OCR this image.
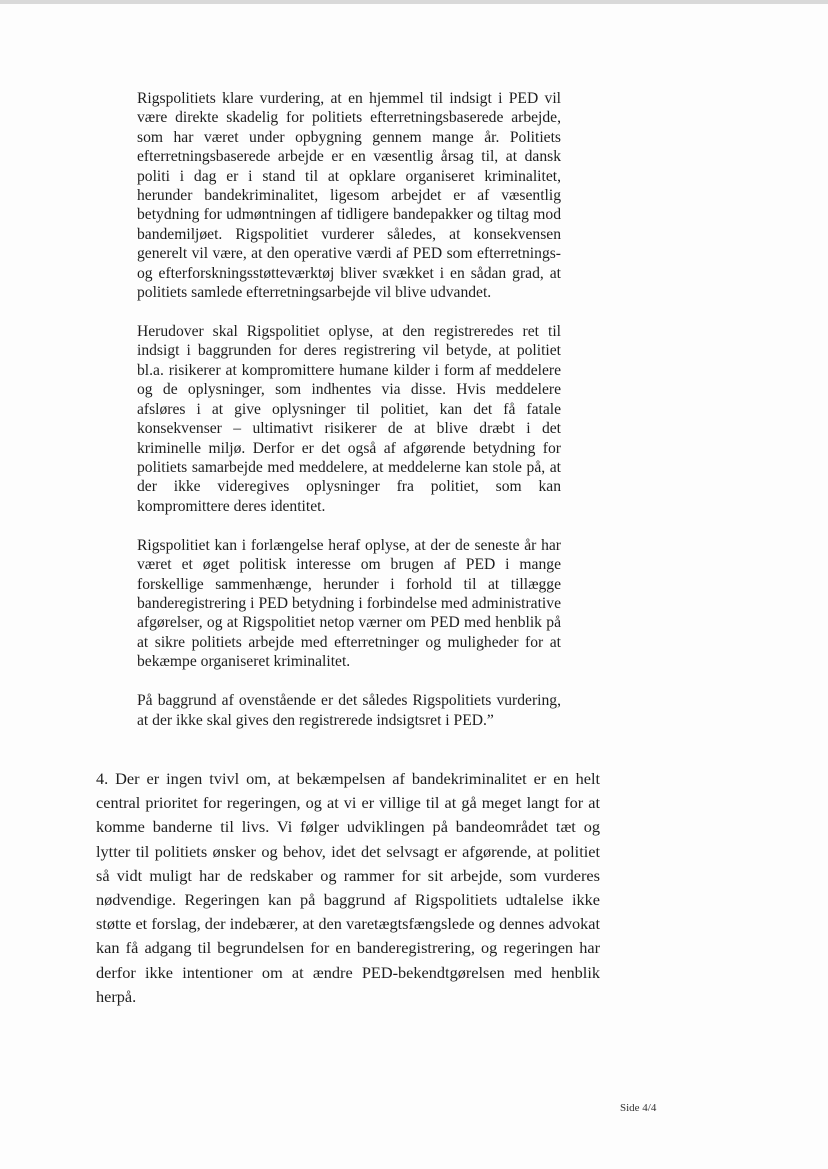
Rigspolitiets klare vurdering, at en hjemmel til indsigt i PED vil være direkte skadelig for politiets efterretningsbaserede arbejde, som har været under opbygning gennem mange år. Politiets efterretningsbaserede arbejde er en væsentlig årsag til, at dansk politi i dag er i stand til at opklare organiseret kriminalitet, herunder bandekriminalitet, ligesom arbejdet er af væsentlig betydning for udmøntningen af tidligere bandepakker og tiltag mod bandemiljøet. Rigspolitiet vurderer således, at konsekvensen generelt vil være, at den operative værdi af PED som efterretnings- og efterforskningsstøtteværktøj bliver svækket i en sådan grad, at politiets samlede efterretningsarbejde vil blive udvandet.

Herudover skal Rigspolitiet oplyse, at den registreredes ret til indsigt i baggrunden for deres registrering vil betyde, at politiet bl.a. risikerer at kompromittere humane kilder i form af meddelere og de oplysninger, som indhentes via disse. Hvis meddelere afsløres i at give oplysninger til politiet, kan det få fatale konsekvenser – ultimativt risikerer de at blive dræbt i det kriminelle miljø. Derfor er det også af afgørende betydning for politiets samarbejde med meddelere, at meddelerne kan stole på, at der ikke videregives oplysninger fra politiet, som kan kompromittere deres identitet.

Rigspolitiet kan i forlængelse heraf oplyse, at der de seneste år har været et øget politisk interesse om brugen af PED i mange forskellige sammenhænge, herunder i forhold til at tillægge banderegistrering i PED betydning i forbindelse med administrative afgørelser, og at Rigspolitiet netop værner om PED med henblik på at sikre politiets arbejde med efterretninger og muligheder for at bekæmpe organiseret kriminalitet.

På baggrund af ovenstående er det således Rigspolitiets vurdering, at der ikke skal gives den registrerede indsigtsret i PED.”

4. Der er ingen tvivl om, at bekæmpelsen af bandekriminalitet er en helt central prioritet for regeringen, og at vi er villige til at gå meget langt for at komme banderne til livs. Vi følger udviklingen på bandeområdet tæt og lytter til politiets ønsker og behov, idet det selvsagt er afgørende, at politiet så vidt muligt har de redskaber og rammer for sit arbejde, som vurderes nødvendige. Regeringen kan på baggrund af Rigspolitiets udtalelse ikke støtte et forslag, der indebærer, at den varetægtsfængslede og dennes advokat kan få adgang til begrundelsen for en banderegistrering, og regeringen har derfor ikke intentioner om at ændre PED-bekendtgørelsen med henblik herpå.

Side 4/4
